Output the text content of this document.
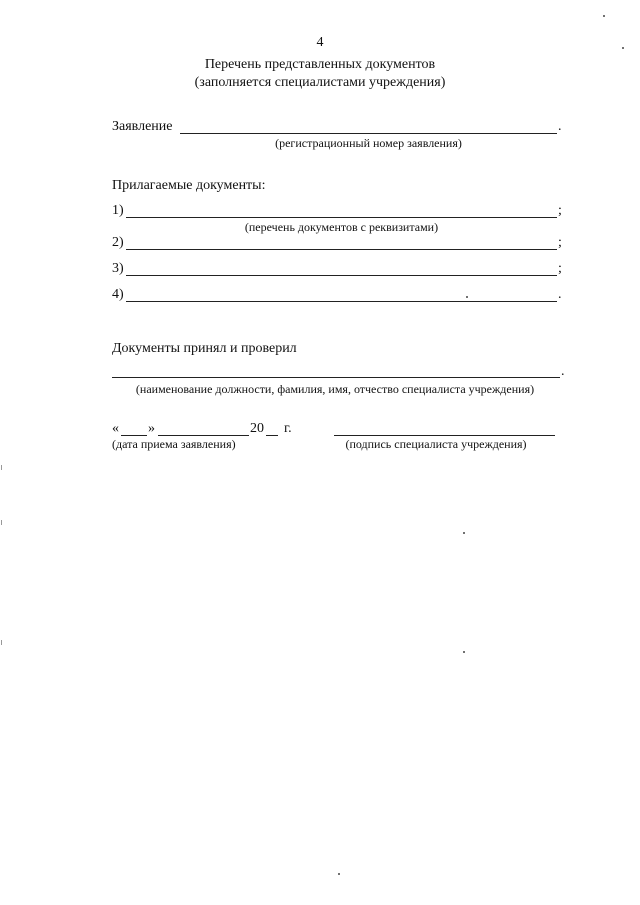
4
Перечень представленных документов
(заполняется специалистами учреждения)
Заявление	.
(регистрационный номер заявления)
Прилагаемые документы:
1)	;
(перечень документов с реквизитами)
2)	;
3)	;
4)	.
Документы принял и проверил
.
(наименование должности, фамилия, имя, отчество специалиста учреждения)
« »	20 г.
(дата приема заявления)	(подпись специалиста учреждения)
